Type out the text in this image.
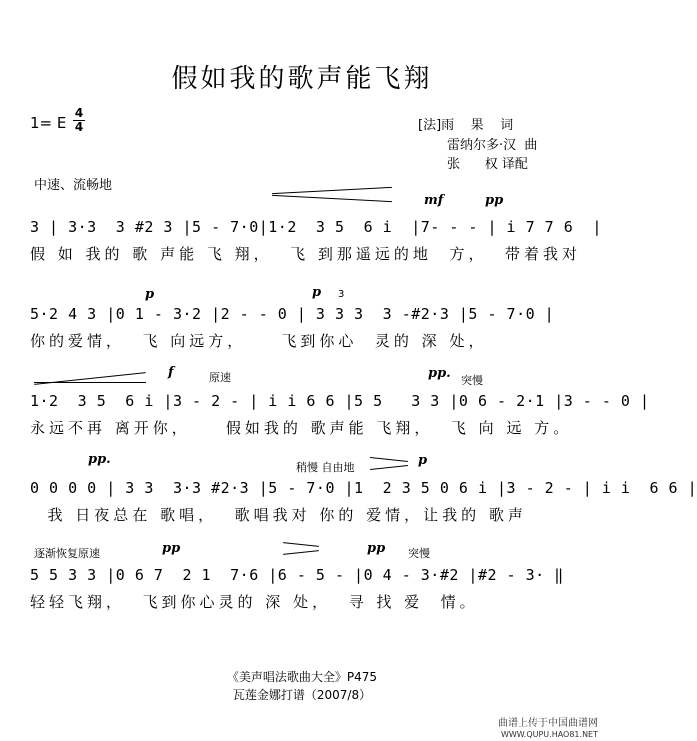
假如我的歌声能飞翔
1= E
4
4	[法]雨    果    词
雷纳尔多·汉  曲
张      权 译配
中速、流畅地
mf	pp
3 | 3·3  3 #2 3 |5 - 7·0|1·2  3 5  6 i  |7- - - | i 7 7 6  |
假 如 我的 歌 声能 飞 翔，  飞 到那遥远的地  方，  带着我对
p	p 3
5·2 4 3 |0 1 - 3·2 |2 - - 0 | 3 3 3  3 -#2·3 |5 - 7·0 |
你的爱情，  飞 向远方，    飞到你心  灵的 深 处，
f	原速	pp. 突慢
1·2  3 5  6 i |3 - 2 - | i i 6 6 |5 5   3 3 |0 6 - 2·1 |3 - - 0 |
永远不再 离开你，    假如我的 歌声能 飞翔，  飞 向 远 方。
pp.
稍慢 自由地	p
0 0 0 0 | 3 3  3·3 #2·3 |5 - 7·0 |1  2 3 5 0 6 i |3 - 2 - | i i  6 6 |
我 日夜总在 歌唱，  歌唱我对 你的 爱情，让我的 歌声
逐渐恢复原速	pp	pp 突慢
5 5 3 3 |0 6 7  2 1  7·6 |6 - 5 - |0 4 - 3·#2 |#2 - 3· ‖
轻轻飞翔，  飞到你心灵的 深 处，  寻 找 爱  情。
《美声唱法歌曲大全》P475
瓦莲金娜打谱（2007/8）
曲谱上传于中国曲谱网
WWW.QUPU.HAO81.NET
